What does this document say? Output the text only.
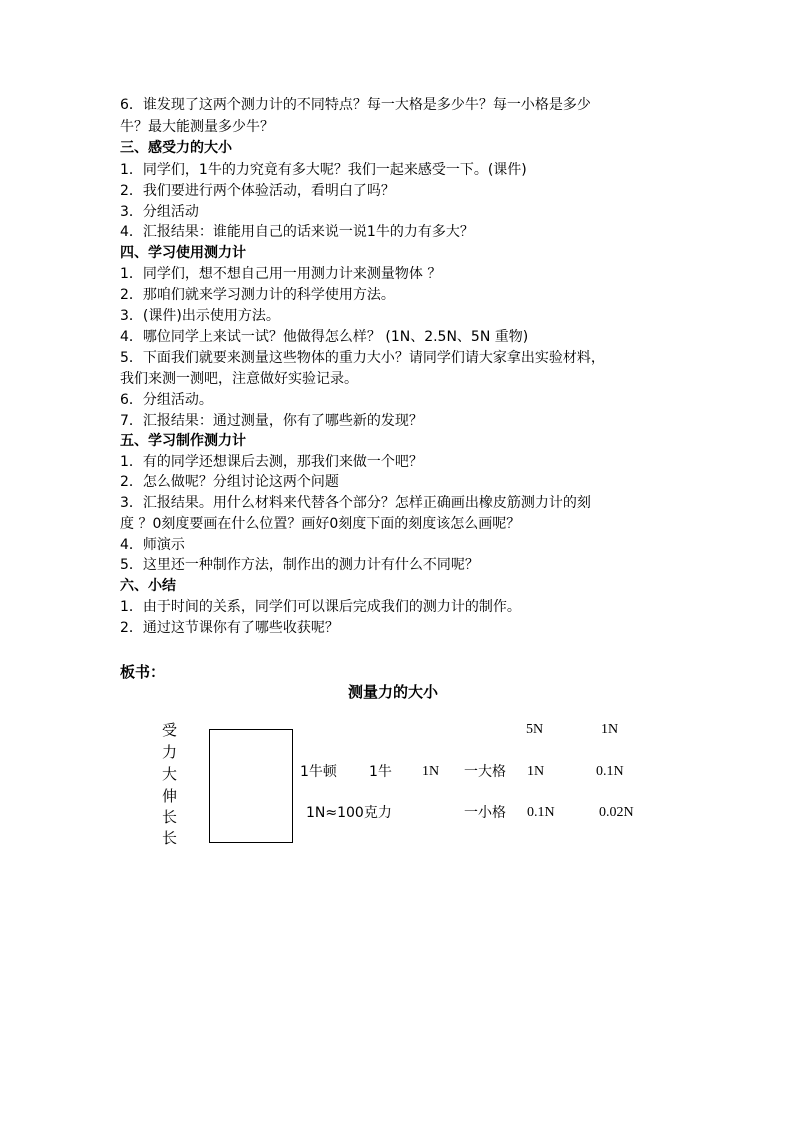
6．谁发现了这两个测力计的不同特点？每一大格是多少牛？每一小格是多少
牛？最大能测量多少牛？
三、感受力的大小
1．同学们，1牛的力究竟有多大呢？我们一起来感受一下。(课件)
2．我们要进行两个体验活动，看明白了吗？
3．分组活动
4．汇报结果：谁能用自己的话来说一说1牛的力有多大？
四、学习使用测力计
1．同学们，想不想自己用一用测力计来测量物体 ？
2．那咱们就来学习测力计的科学使用方法。
3．(课件)出示使用方法。
4．哪位同学上来试一试？他做得怎么样？ (1N、2.5N、5N 重物)
5．下面我们就要来测量这些物体的重力大小？请同学们请大家拿出实验材料，
我们来测一测吧，注意做好实验记录。
6．分组活动。
7．汇报结果：通过测量，你有了哪些新的发现？
五、学习制作测力计
1．有的同学还想课后去测，那我们来做一个吧？
2．怎么做呢？分组讨论这两个问题
3．汇报结果。用什么材料来代替各个部分？怎样正确画出橡皮筋测力计的刻
度 ？0刻度要画在什么位置？画好0刻度下面的刻度该怎么画呢？
4．师演示
5．这里还一种制作方法，制作出的测力计有什么不同呢？
六、小结
1．由于时间的关系，同学们可以课后完成我们的测力计的制作。
2．通过这节课你有了哪些收获呢？
板书：
测量力的大小
受
力
大
伸
长
长
5N	1N
1牛顿 1牛 1N 一大格 1N	0.1N
1N≈100克力	一小格 0.1N	0.02N
